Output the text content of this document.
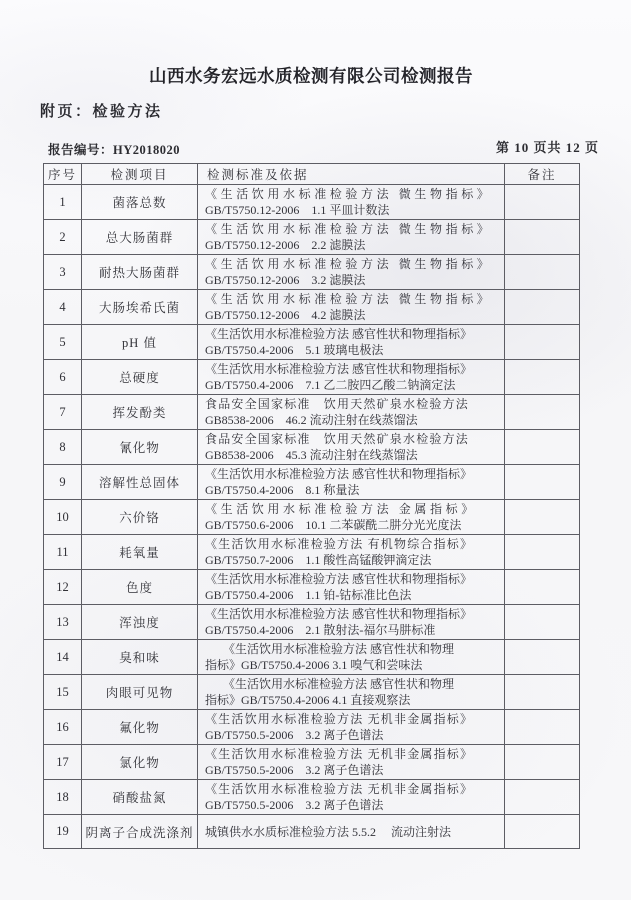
山西水务宏远水质检测有限公司检测报告
附页：检验方法
报告编号：HY2018020	第 10 页共 12 页
序号	检测项目	检测标准及依据	备注
1	菌落总数	《生活饮用水标准检验方法 微生物指标》
GB/T5750.12-2006　1.1 平皿计数法	

2	总大肠菌群	《生活饮用水标准检验方法 微生物指标》
GB/T5750.12-2006　2.2 滤膜法	

3	耐热大肠菌群	《生活饮用水标准检验方法 微生物指标》
GB/T5750.12-2006　3.2 滤膜法	

4	大肠埃希氏菌	《生活饮用水标准检验方法 微生物指标》
GB/T5750.12-2006　4.2 滤膜法	

5	pH 值	《生活饮用水标准检验方法 感官性状和物理指标》
GB/T5750.4-2006　5.1 玻璃电极法	

6	总硬度	《生活饮用水标准检验方法 感官性状和物理指标》
GB/T5750.4-2006　7.1 乙二胺四乙酸二钠滴定法	

7	挥发酚类	食品安全国家标准　饮用天然矿泉水检验方法
GB8538-2006　46.2 流动注射在线蒸馏法	

8	氰化物	食品安全国家标准　饮用天然矿泉水检验方法
GB8538-2006　45.3 流动注射在线蒸馏法	

9	溶解性总固体	《生活饮用水标准检验方法 感官性状和物理指标》
GB/T5750.4-2006　8.1 称量法	

10	六价铬	《生活饮用水标准检验方法 金属指标》
GB/T5750.6-2006　10.1 二苯碳酰二肼分光光度法	

11	耗氧量	《生活饮用水标准检验方法 有机物综合指标》
GB/T5750.7-2006　1.1 酸性高锰酸钾滴定法	

12	色度	《生活饮用水标准检验方法 感官性状和物理指标》
GB/T5750.4-2006　1.1 铂-钴标准比色法	

13	浑浊度	《生活饮用水标准检验方法 感官性状和物理指标》
GB/T5750.4-2006　2.1 散射法-福尔马肼标准	

14	臭和味	　　《生活饮用水标准检验方法 感官性状和物理
指标》GB/T5750.4-2006 3.1 嗅气和尝味法	

15	肉眼可见物	　　《生活饮用水标准检验方法 感官性状和物理
指标》GB/T5750.4-2006 4.1 直接观察法	

16	氟化物	《生活饮用水标准检验方法 无机非金属指标》
GB/T5750.5-2006　3.2 离子色谱法	

17	氯化物	《生活饮用水标准检验方法 无机非金属指标》
GB/T5750.5-2006　3.2 离子色谱法	

18	硝酸盐氮	《生活饮用水标准检验方法 无机非金属指标》
GB/T5750.5-2006　3.2 离子色谱法	

19	阴离子合成洗涤剂	城镇供水水质标准检验方法 5.5.2　 流动注射法	
